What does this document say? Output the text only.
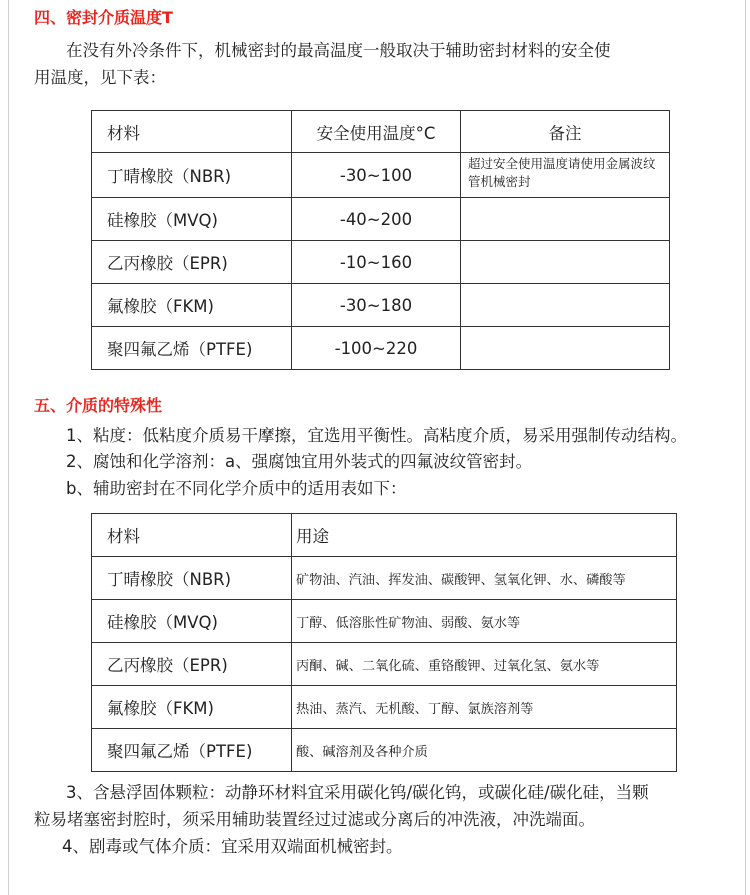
四、密封介质温度T
在没有外冷条件下，机械密封的最高温度一般取决于辅助密封材料的安全使
用温度，见下表：
材料	安全使用温度°C	备注
丁晴橡胶（NBR)	-30~100	超过安全使用温度请使用金属波纹管机械密封
硅橡胶（MVQ)	-40~200	
乙丙橡胶（EPR)	-10~160	
氟橡胶（FKM)	-30~180	
聚四氟乙烯（PTFE)	-100~220	
五、介质的特殊性
1、粘度：低粘度介质易干摩擦，宜选用平衡性。高粘度介质，易采用强制传动结构。
2、腐蚀和化学溶剂：a、强腐蚀宜用外装式的四氟波纹管密封。
b、辅助密封在不同化学介质中的适用表如下：
材料	用途
丁晴橡胶（NBR)	矿物油、汽油、挥发油、碳酸钾、氢氧化钾、水、磷酸等
硅橡胶（MVQ)	丁醇、低溶胀性矿物油、弱酸、氨水等
乙丙橡胶（EPR)	丙酮、碱、二氧化硫、重铬酸钾、过氧化氢、氨水等
氟橡胶（FKM)	热油、蒸汽、无机酸、丁醇、氯族溶剂等
聚四氟乙烯（PTFE)	酸、碱溶剂及各种介质
3、含悬浮固体颗粒：动静环材料宜采用碳化钨/碳化钨，或碳化硅/碳化硅，当颗
粒易堵塞密封腔时，须采用辅助装置经过过滤或分离后的冲洗液，冲洗端面。
4、剧毒或气体介质：宜采用双端面机械密封。
